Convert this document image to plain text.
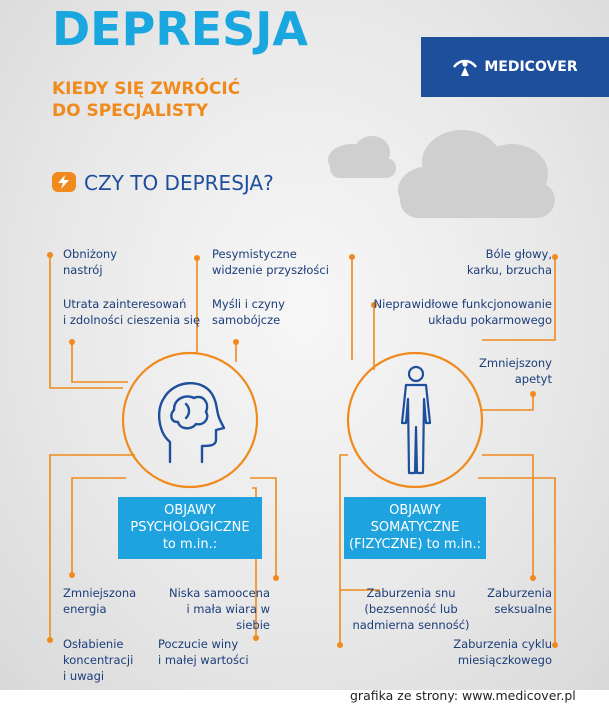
DEPRESJA
KIEDY SIĘ ZWRÓCIĆ
DO SPECJALISTY
MEDICOVER
CZY TO DEPRESJA?
OBJAWY
PSYCHOLOGICZNE
to m.in.:
OBJAWY
SOMATYCZNE
(FIZYCZNE) to m.in.:
Obniżony
nastrój
Pesymistyczne
widzenie przyszłości
Utrata zainteresowań
i zdolności cieszenia się
Myśli i czyny
samobójcze
Zmniejszona
energia
Niska samoocena
i mała wiara w siebie
Osłabienie
koncentracji
i uwagi
Poczucie winy
i małej wartości
Bóle głowy,
karku, brzucha
Nieprawidłowe funkcjonowanie
układu pokarmowego
Zmniejszony
apetyt
Zaburzenia snu
(bezsenność lub
nadmierna senność)
Zaburzenia
seksualne
Zaburzenia cyklu
miesiączkowego
grafika ze strony: www.medicover.pl
